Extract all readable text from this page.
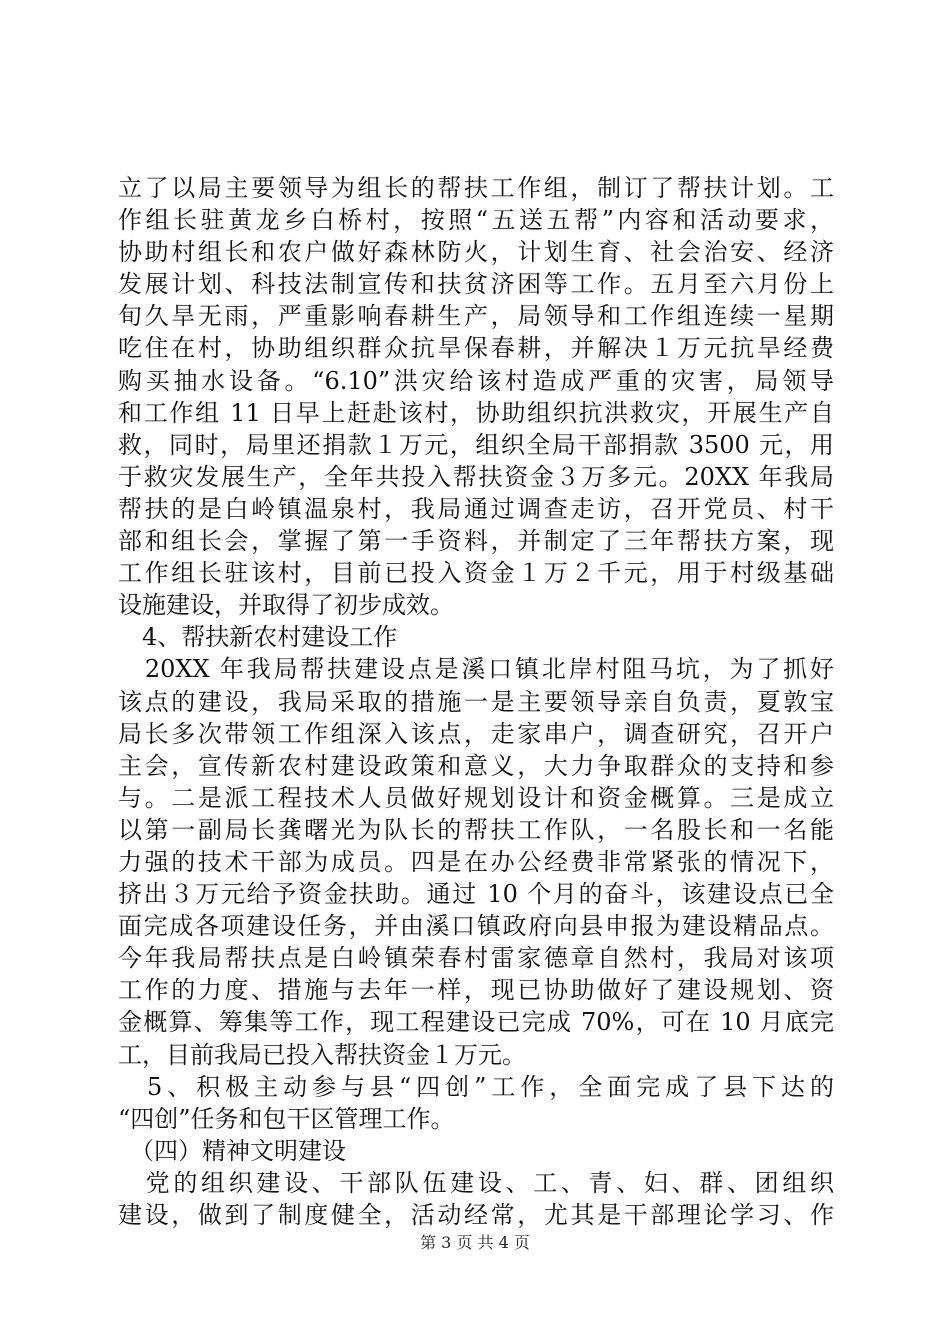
立了以局主要领导为组长的帮扶工作组，制订了帮扶计划。工
作组长驻黄龙乡白桥村，按照“五送五帮”内容和活动要求，
协助村组长和农户做好森林防火，计划生育、社会治安、经济
发展计划、科技法制宣传和扶贫济困等工作。五月至六月份上
旬久旱无雨，严重影响春耕生产，局领导和工作组连续一星期
吃住在村，协助组织群众抗旱保春耕，并解决１万元抗旱经费
购买抽水设备。“6.10”洪灾给该村造成严重的灾害，局领导
和工作组 11 日早上赶赴该村，协助组织抗洪救灾，开展生产自
救，同时，局里还捐款１万元，组织全局干部捐款 3500 元，用
于救灾发展生产，全年共投入帮扶资金３万多元。20XX 年我局
帮扶的是白岭镇温泉村，我局通过调查走访，召开党员、村干
部和组长会，掌握了第一手资料，并制定了三年帮扶方案，现
工作组长驻该村，目前已投入资金１万２千元，用于村级基础
设施建设，并取得了初步成效。
　4、帮扶新农村建设工作
　20XX 年我局帮扶建设点是溪口镇北岸村阻马坑，为了抓好
该点的建设，我局采取的措施一是主要领导亲自负责，夏敦宝
局长多次带领工作组深入该点，走家串户，调查研究，召开户
主会，宣传新农村建设政策和意义，大力争取群众的支持和参
与。二是派工程技术人员做好规划设计和资金概算。三是成立
以第一副局长龚曙光为队长的帮扶工作队，一名股长和一名能
力强的技术干部为成员。四是在办公经费非常紧张的情况下，
挤出３万元给予资金扶助。通过 10 个月的奋斗，该建设点已全
面完成各项建设任务，并由溪口镇政府向县申报为建设精品点。
今年我局帮扶点是白岭镇荣春村雷家德章自然村，我局对该项
工作的力度、措施与去年一样，现已协助做好了建设规划、资
金概算、筹集等工作，现工程建设已完成 70%，可在 10 月底完
工，目前我局已投入帮扶资金１万元。
　5、积极主动参与县“四创”工作，全面完成了县下达的
“四创”任务和包干区管理工作。
　（四）精神文明建设
　党的组织建设、干部队伍建设、工、青、妇、群、团组织
建设，做到了制度健全，活动经常，尤其是干部理论学习、作
第 3 页 共 4 页
